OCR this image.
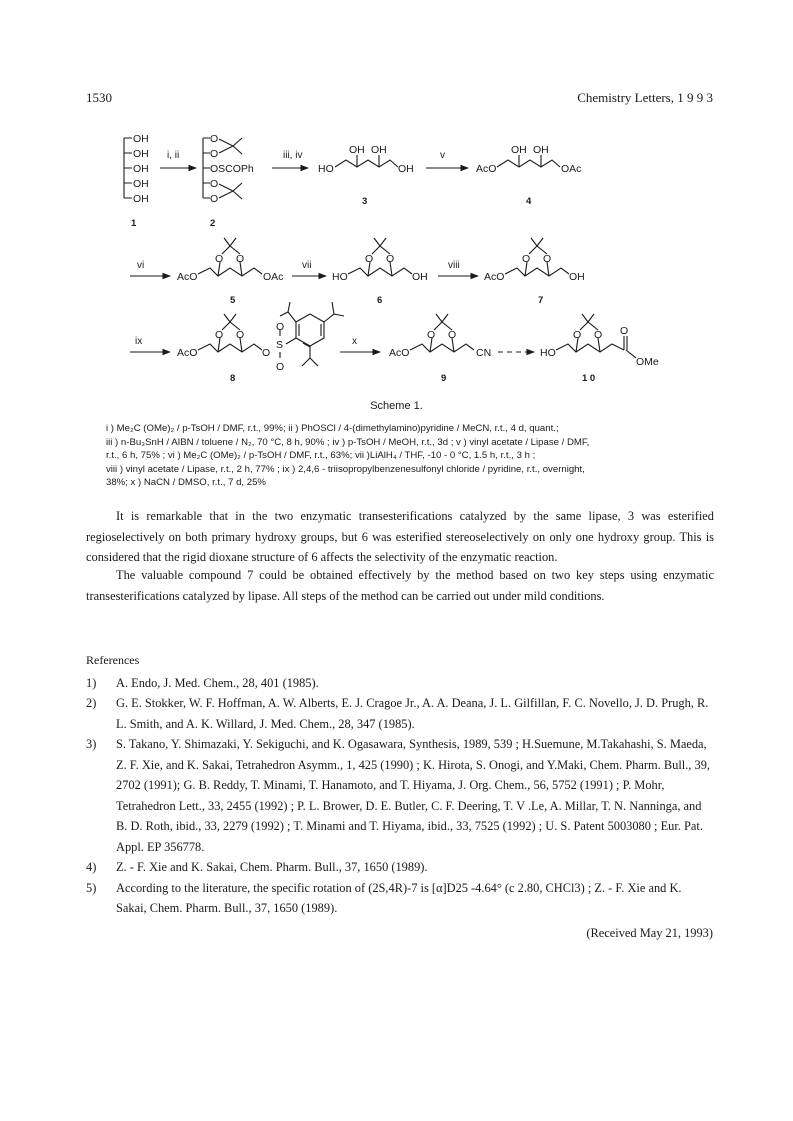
1530	Chemistry Letters, 1 9 9 3
OH
OH
OH
OH
OH
1
i, ii
O
O
OSCOPh
O
O
2
iii, iv
HO
OH OH
OH
3
v
AcO
OH OH
OAc
4
vi
AcO
O O
OAc
5
vii
HO
O O
OH
6
viii
AcO
O O
OH
7
ix
AcO
O O
O
S
O
O
8
x
AcO
O O
CN
9
HO
O O O
OMe
1 0
Scheme 1.
i ) Me₂C (OMe)₂ / p-TsOH / DMF, r.t., 99%; ii ) PhOSCl / 4-(dimethylamino)pyridine / MeCN, r.t., 4 d, quant.;
iii ) n-Bu₃SnH / AIBN / toluene / N₂, 70 °C, 8 h, 90% ; iv ) p-TsOH / MeOH, r.t., 3d ; v ) vinyl acetate / Lipase / DMF,
r.t., 6 h, 75% ; vi ) Me₂C (OMe)₂ / p-TsOH / DMF, r.t., 63%; vii )LiAlH₄ / THF, -10 - 0 °C, 1.5 h, r.t., 3 h ;
viii ) vinyl acetate / Lipase, r.t., 2 h, 77% ; ix ) 2,4,6 - triisopropylbenzenesulfonyl chloride / pyridine, r.t., overnight,
38%; x ) NaCN / DMSO, r.t., 7 d, 25%

It is remarkable that in the two enzymatic transesterifications catalyzed by the same lipase, 3 was esterified regioselectively on both primary hydroxy groups, but 6 was esterified stereoselectively on only one hydroxy group. This is considered that the rigid dioxane structure of 6 affects the selectivity of the enzymatic reaction.

The valuable compound 7 could be obtained effectively by the method based on two key steps using enzymatic transesterifications catalyzed by lipase. All steps of the method can be carried out under mild conditions.

References
1)	A. Endo, J. Med. Chem., 28, 401 (1985).
2)	G. E. Stokker, W. F. Hoffman, A. W. Alberts, E. J. Cragoe Jr., A. A. Deana, J. L. Gilfillan, F. C. Novello, J. D. Prugh, R. L. Smith, and A. K. Willard, J. Med. Chem., 28, 347 (1985).
3)	S. Takano, Y. Shimazaki, Y. Sekiguchi, and K. Ogasawara, Synthesis, 1989, 539 ; H.Suemune, M.Takahashi, S. Maeda, Z. F. Xie, and K. Sakai, Tetrahedron Asymm., 1, 425 (1990) ; K. Hirota, S. Onogi, and Y.Maki, Chem. Pharm. Bull., 39, 2702 (1991); G. B. Reddy, T. Minami, T. Hanamoto, and T. Hiyama, J. Org. Chem., 56, 5752 (1991) ; P. Mohr, Tetrahedron Lett., 33, 2455 (1992) ; P. L. Brower, D. E. Butler, C. F. Deering, T. V .Le, A. Millar, T. N. Nanninga, and B. D. Roth, ibid., 33, 2279 (1992) ; T. Minami and T. Hiyama, ibid., 33, 7525 (1992) ; U. S. Patent 5003080 ; Eur. Pat. Appl. EP 356778.
4)	Z. - F. Xie and K. Sakai, Chem. Pharm. Bull., 37, 1650 (1989).
5)	According to the literature, the specific rotation of (2S,4R)-7 is [α]D25 -4.64° (c 2.80, CHCl3) ; Z. - F. Xie and K. Sakai, Chem. Pharm. Bull., 37, 1650 (1989).
(Received May 21, 1993)
